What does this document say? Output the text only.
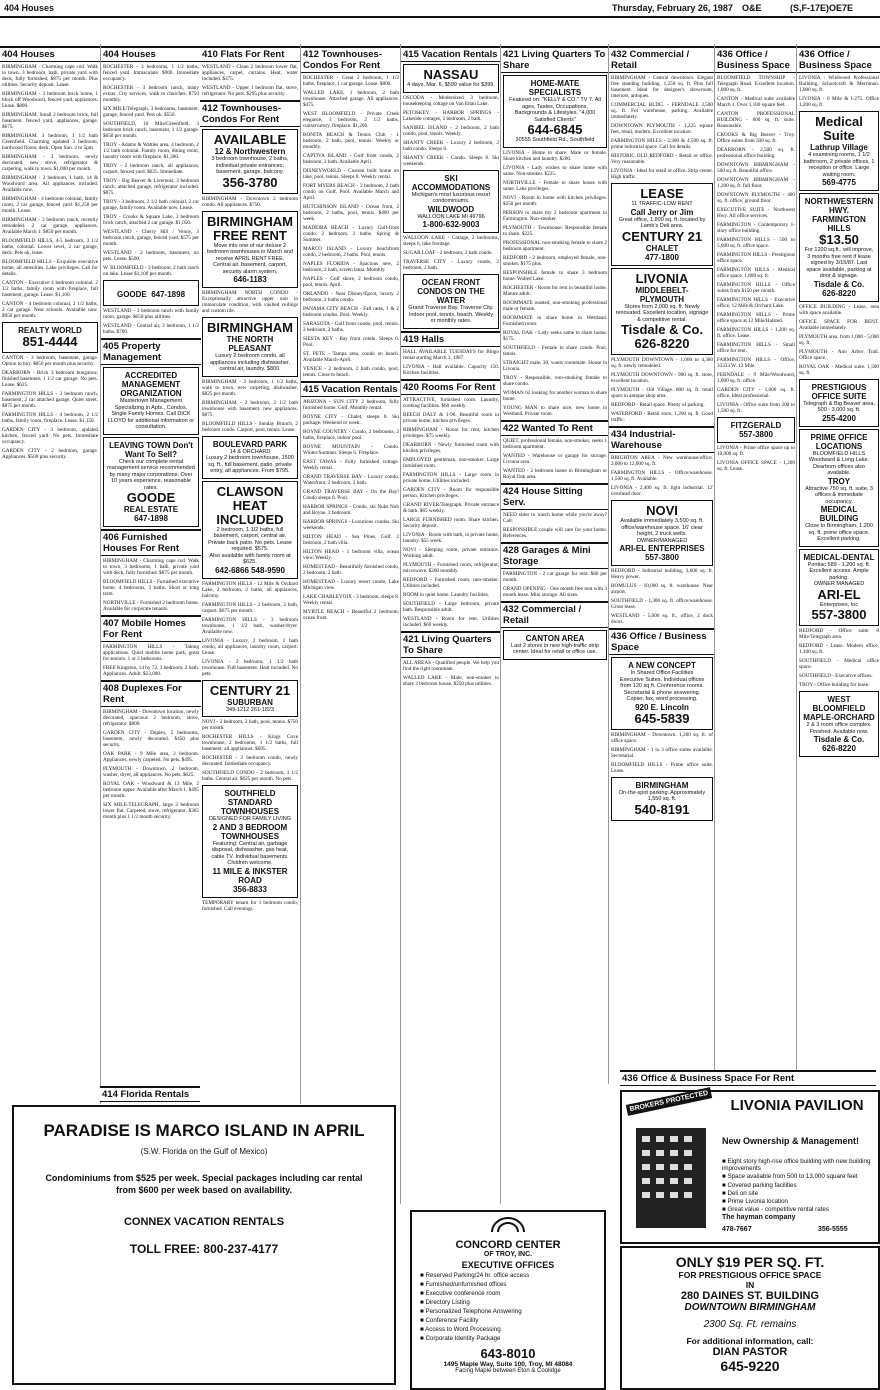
404 Houses	Thursday, February 26, 1987 O&E	(S,F-17E)OE7E
404 Houses
BIRMINGHAM - Charming cape cod. Walk to town. 3 bedroom, bath, private yard with deck, fully furnished, $875 per month. Plus utilities. Security deposit. Lease.
BIRMINGHAM - 3 bedroom brick home, 1 block off Woodward, fenced yard, appliances. Lease. $800.
BIRMINGHAM. Small 2 bedroom brick, full basement, fenced yard, appliances, garage. $675.
BIRMINGHAM. 3 bedroom, 1 1/2 bath Greenfield. Charming updated 3 bedroom, hardwood floors, deck. Open Sun. 2 to 5pm.
BIRMINGHAM - 3 bedroom, newly decorated, new stove, refrigerator & carpeting, walk to town. $1,000 per month.
BIRMINGHAM - 2 bedroom, 1 bath, 14 & Woodward area. All appliances included. Available now.
BIRMINGHAM - 4 bedroom colonial, family room, 2 car garage, fenced yard. $1,250 per month. Lease.
BIRMINGHAM - 3 bedroom ranch, recently remodeled. 2 car garage, appliances. Available March 1. $850 per month.
BLOOMFIELD HILLS, 4-5 bedroom, 3 1/2 baths, colonial. Lower level, 2 car garage, deck. Pets ok, lease.
BLOOMFIELD HILLS - Exquisite executive home, all amenities. Lake privileges. Call for details.
CANTON - Executive 4 bedroom colonial, 2 1/2 baths, family room with fireplace, full basement, garage. Lease. $1,100.
CANTON - 4 bedroom colonial, 2 1/2 baths, 2 car garage. Near schools. Available now. $950 per month.
REALTY WORLD
851-4444
CANTON - 3 bedroom, basement, garage. Option to buy. $850 per month plus security.
DEARBORN - Brick 3 bedroom bungalow, finished basement, 1 1/2 car garage. No pets. Lease. $625.
FARMINGTON HILLS - 3 bedroom ranch, basement, 2 car attached garage. Quiet street. $875 per month.
FARMINGTON HILLS - 4 bedroom, 2 1/2 baths, family room, fireplace. Lease. $1,150.
GARDEN CITY - 3 bedroom, updated kitchen, fenced yard. No pets. Immediate occupancy.
GARDEN CITY - 2 bedroom, garage. Appliances. $500 plus security.
404 Houses
ROCHESTER - 3 bedrooms, 1 1/2 baths, fenced yard. Immaculate. $900. Immediate occupancy.
ROCHESTER - 3 bedroom ranch, many extras. City services, walk to churches. $750 monthly.
SIX MILE/Telegraph, 3 bedrooms, basement, garage, fenced yard. Pets ok. $550.
SOUTHFIELD, 10 Mile/Greenfield, 3 bedroom brick ranch, basement, 1 1/2 garage. $650 per month.
TROY - Adams & Wattles area, 4 bedroom, 2 1/2 bath colonial. Family room, dining room, laundry room with fireplace. $1,300.
TROY - 2 bedroom ranch, all appliances, carport, fenced yard. $625. Immediate.
TROY - Big Beaver & Livernois, 3 bedroom ranch, attached garage, refrigerator included. $875.
TROY - 3 bedroom, 2 1/2 bath colonial, 2 car garage, family room. Available now. Lease.
TROY - Crooks & Square Lake, 3 bedroom brick ranch, attached 2 car garage. $1,050.
WESTLAND - Cherry Hill / Venoy, 3 bedroom ranch, garage, fenced yard. $575 per month.
WESTLAND - 2 bedroom, basement, no pets. Lease. $500.
W. BLOOMFIELD - 3 bedroom, 2 bath ranch on lake. Lease $1,100 per month.
GOODE 647-1898
WESTLAND - 3 bedroom ranch with family room, garage. $650 plus utilities.
WESTLAND - Central air, 3 bedroom, 1 1/2 baths. $700.
405 Property Management
ACCREDITED MANAGEMENT ORGANIZATION
Mastertown Management
Specializing in Apts., Condos, Single Family Homes. Call DICK LLOYD for additional information or consultation.
LEAVING TOWN Don't Want To Sell?
Check our complete rental management service recommended by many major corporations. Over 10 years experience, reasonable rates.
GOODE
REAL ESTATE
647-1898
406 Furnished Houses For Rent
BIRMINGHAM - Charming cape cod. Walk to town, 3 bedrooms, 1 bath, private yard with deck, fully furnished. $875 per month.
BLOOMFIELD HILLS - Furnished executive home, 4 bedrooms, 3 baths. Short or long term.
NORTHVILLE - Furnished 2 bedroom home. Available for corporate tenants.
407 Mobile Homes For Rent
FARMINGTON HILLS - Taking applications. Quiet mobile home park, great for seniors. 1 or 2 bedrooms.
FREE Kingston, 14 by 72, 3 bedroom, 2 bath. Appliances. Adult. $23,000.
408 Duplexes For Rent
BIRMINGHAM - Downtown location, newly decorated, spacious 2 bedroom, stove, refrigerator. $800.
GARDEN CITY - Duplex, 2 bedrooms, basement, newly decorated. $450 plus security.
OAK PARK - 9 Mile area, 2 bedroom. Appliances, newly carpeted. No pets. $495.
PLYMOUTH - Downtown, 2 bedroom, washer, dryer, all appliances. No pets. $625.
ROYAL OAK - Woodward & 13 Mile, 2 bedroom upper. Available after March 1. $495 per month.
SIX MILE-TELEGRAPH, large 2 bedroom lower flat. Carpeted, stove, refrigerator. $365 month plus 1 1/2 month security.
414 Florida Rentals
410 Flats For Rent
WESTLAND - Clean 2 bedroom lower flat, appliances, carpet, curtains. Heat, water included. $375.
WESTLAND - Upper 1 bedroom flat, stove, refrigerator. No pets. $295 plus security.
412 Townhouses-Condos For Rent
AVAILABLE
12 & Northwestern
3 bedroom townhouse, 2 baths, individual private entrances, basement, garage, balcony.
356-3780
BIRMINGHAM - Downtown 2 bedroom condo. All appliances. $750.
BIRMINGHAM FREE RENT
Move into one of our deluxe 2 bedroom townhouses in March and receive APRIL RENT FREE. Central air, basement, carport, security alarm system.
646-1183
BIRMINGHAM NORTH CONDO - Exceptionally attractive upper unit in immaculate condition, with vaulted ceilings and custom tile.
BIRMINGHAM
THE NORTH PLEASANT
Luxury 2 bedroom condo, all appliances including dishwasher, central air, laundry. $800.
BIRMINGHAM - 2 bedroom, 1 1/2 baths, walk to town, new carpeting, dishwasher. $825 per month.
BIRMINGHAM - 2 bedroom, 2 1/2 bath townhouse with basement, new appliances. $875.
BLOOMFIELD HILLS - Sunday Brunch, 2 bedroom condo. Carport, pool, tennis. Lease.
BOULEVARD PARK
14 & ORCHARD
Luxury 2 bedroom townhouse, 1500 sq. ft., full basement, patio, private entry, all appliances. From $795.
CLAWSON HEAT INCLUDED
2 bedroom, 1 1/2 baths, full basement, carport, central air. Private back patio. No pets. Lease required. $575.
Also available with family room at $625.
642-6866 548-9590
FARMINGTON HILLS - 12 Mile & Orchard Lake, 2 bedroom, 2 baths, all appliances, balcony.
FARMINGTON HILLS - 2 bedroom, 2 bath, carport. $675 per month.
FARMINGTON HILLS - 3 bedroom townhouse, 1 1/2 bath, washer/dryer. Available now.
LIVONIA - Luxury, 2 bedroom, 2 bath condo, all appliances, laundry room, carport. Lease.
LIVONIA - 2 bedroom, 1 1/2 bath townhouse. Full basement. Heat included. No pets.
CENTURY 21
SUBURBAN
349-1212 261-1823
NOVI - 2 bedroom, 2 bath, pool, tennis. $750 per month.
ROCHESTER HILLS - Kings Cove townhouse, 2 bedrooms, 1 1/2 baths, full basement, all appliances. $695.
ROCHESTER - 2 bedroom condo, newly decorated. Immediate occupancy.
SOUTHFIELD CONDO - 2 bedroom, 1 1/2 baths. Central air. $625 per month. No pets.
SOUTHFIELD STANDARD TOWNHOUSES
DESIGNED FOR FAMILY LIVING
2 AND 3 BEDROOM TOWNHOUSES
Featuring: Central air, garbage disposal, dishwasher, gas heat, cable TV. Individual basements. Children welcome.
11 MILE & INKSTER ROAD
356-8833
TEMPORARY tenant for 1 bedroom condo, furnished. Call evenings.
412 Townhouses-Condos For Rent
ROCHESTER - Great 2 bedroom, 1 1/2 baths, fireplace, 1 car garage. Lease. $800.
WALLED LAKE, 1 bedroom, 2 bath townhouse. Attached garage. All appliances. $475.
WEST BLOOMFIELD - Private Creek elegance, 3 bedroom, 2 1/2 baths, conservatory, fireplace. $1,200.
BONITA BEACH & Tennis Club - 1 bedroom, 2 bath, pool, tennis. Weekly or monthly.
CAPTIVA ISLAND - Gulf front condo, 2 bedroom, 2 bath. Available April.
DISNEYWORLD - Custom built home on lake, pool, tennis. Sleeps 8. Weekly rental.
FORT MYERS BEACH - 2 bedroom, 2 bath condo on Gulf. Pool. Available March and April.
HUTCHINSON ISLAND - Ocean front, 2 bedroom, 2 baths, pool, tennis. $400 per week.
MADEIRA BEACH - Luxury Gulf-front condo, 2 bedroom, 2 baths. Spring & Summer.
MARCO ISLAND - Luxury beachfront condo, 2 bedroom, 2 baths. Pool, tennis.
NAPLES FLORIDA - Spacious new, 2 bedroom, 2 bath, screen lanai. Monthly.
NAPLES - Gulf shore, 2 bedroom condo, pool, tennis. April.
ORLANDO - Near Disney/Epcot, luxury 2 bedroom, 2 baths condo.
PANAMA CITY BEACH - Fall rates, 1 & 2 bedroom condos. Pool. Weekly.
SARASOTA - Gulf front condo, pool, tennis. 2 bedroom, 2 baths.
SIESTA KEY - Bay front condo. Sleeps 6. Pool.
ST. PETE - Tampa area, condo on beach. Available March-April.
VENICE - 2 bedroom, 2 bath condo, pool, tennis. Close to beach.
415 Vacation Rentals
ARIZONA - SUN CITY 2 bedroom, fully furnished home. Golf. Monthly rental.
BOYNE CITY - Chalet, sleeps 8. Ski package. Weekend or week.
BOYNE COUNTRY - Condo, 2 bedrooms, 2 baths, fireplace, indoor pool.
BOYNE MOUNTAIN - Condo. Winter/Summer. Sleeps 6. Fireplace.
EAST TAWAS - Fully furnished cottage. Weekly rental.
GRAND TRAVERSE BAY - Luxury condo, Waterfront, 2 bedroom, 2 bath.
GRAND TRAVERSE BAY - On the Bay! Condo sleeps 8. Pool.
HARBOR SPRINGS - Condo, ski Nubs Nob and Boyne. 3 bedroom.
HARBOR SPRINGS - Luxurious condos. Ski weekends.
HILTON HEAD - Sea Pines. Golf. 2 bedroom, 2 bath villa.
HILTON HEAD - 1 bedroom villa, ocean view. Weekly.
HOMESTEAD - Beautifully furnished condo, 2 bedroom, 2 bath.
HOMESTEAD - Luxury resort condo, Lake Michigan view.
LAKE CHARLEVOIX - 3 bedroom, sleeps 8. Weekly rental.
MYRTLE BEACH - Beautiful 2 bedroom, ocean front.
415 Vacation Rentals
NASSAU
4 days, Mar. 6, $599 value for $399.
OSCODA - Modernized 3 bedroom, housekeeping cottage on Van Ettan Lake.
PETOSKEY - HARBOR SPRINGS - Lakeside cottages, 2 bedroom, 2 bath.
SANIBEL ISLAND - 2 bedroom, 2 bath condo, pool, tennis. Weekly.
SHANTY CREEK - Luxury 2 bedroom, 2 bath condo. Sleeps 6.
SHANTY CREEK - Condo. Sleeps 8. Ski weekends.
SKI ACCOMMODATIONS
Michigan's most luxurious resort condominiums.
WILDWOOD
WALLOON LAKE MI 49796
1-800-632-9003
WALLOON LAKE - Cottage, 2 bedrooms, sleeps 6, lake frontage.
SUGAR LOAF - 2 bedroom, 2 bath condo.
TRAVERSE CITY - Luxury condo, 2 bedroom, 2 bath.
OCEAN FRONT CONDOS ON THE WATER
Grand Traverse Bay. Traverse City. Indoor pool, tennis, beach. Weekly or monthly rates.
419 Halls
HALL AVAILABLE TUESDAYS for Bingo rental starting March 3, 1987.
LIVONIA - Hall available. Capacity 150. Kitchen facilities.
420 Rooms For Rent
ATTRACTIVE, furnished room. Laundry, cooking facilities. $60 weekly.
BEECH DALY & 1-96. Beautiful room in private home, kitchen privileges.
BIRMINGHAM - Room for rent, kitchen privileges. $75 weekly.
DEARBORN - Newly furnished room with kitchen privileges.
EMPLOYED gentleman, non-smoker. Large furnished room.
FARMINGTON HILLS - Large room in private home. Utilities included.
GARDEN CITY - Room for responsible person. Kitchen privileges.
GRAND RIVER/Telegraph. Private entrance & bath. $65 weekly.
LARGE FURNISHED room. Share kitchen. Security deposit.
LIVONIA - Room with bath, in private home, laundry. $55 week.
NOVI - Sleeping room, private entrance. Working adult.
PLYMOUTH - Furnished room, refrigerator, microwave. $200 monthly.
REDFORD - Furnished room, non-smoker. Utilities included.
ROOM in quiet home. Laundry facilities.
SOUTHFIELD - Large bedroom, private bath. Responsible adult.
WESTLAND - Room for rent. Utilities included. $60 weekly.
421 Living Quarters To Share
ALL AREAS - Qualified people. We help you find the right roommate.
WALLED LAKE - Male, non-smoker to share 3 bedroom house. $250 plus utilities.
421 Living Quarters To Share
HOME-MATE SPECIALISTS
Featured on: "KELLY & CO." TV 7. All ages, Tastes, Occupations, Backgrounds & Lifestyles. "4,000 Satisfied Clients"
644-6845
30555 Southfield Rd., Southfield
LIVONIA - Home to share. Male or female. Share kitchen and laundry. $200.
LIVONIA - Lady wishes to share home with same. Non-smoker. $225.
NORTHVILLE - Female to share house with same. Lake privileges.
NOVI - Room in home with kitchen privileges. $250 per month.
PERSON to share my 2 bedroom apartment in Farmington. Non-smoker.
PLYMOUTH - Townhouse. Responsible female to share. $225.
PROFESSIONAL non-smoking female to share 2 bedroom apartment.
REDFORD - 2 bedroom, employed female, non-smoker. $175 plus.
RESPONSIBLE female to share 3 bedroom home. Walled Lake.
ROCHESTER - Room for rent in beautiful home. Mature adult.
ROOMMATE wanted, non-smoking professional male or female.
ROOMMATE to share home in Westland. Furnished room.
ROYAL OAK - Lady seeks same to share home. $175.
SOUTHFIELD - Female to share condo. Pool, tennis.
STRAIGHT male, 30, wants roommate. House in Livonia.
TROY - Responsible, non-smoking female to share condo.
WOMAN 62 looking for another woman to share home.
YOUNG MAN to share nice, new home in Westland. Private room.
422 Wanted To Rent
QUIET, professional female, non-smoker, seeks 1 bedroom apartment.
WANTED - Warehouse or garage for storage. Livonia area.
WANTED - 2 bedroom home in Birmingham or Royal Oak area.
424 House Sitting Serv.
NEED sitter to watch home while you're away? Call.
RESPONSIBLE couple will care for your home. References.
428 Garages & Mini Storage
FARMINGTON - 2 car garage for rent. $80 per month.
GRAND OPENING - One month free rent with 3 month lease. Mini storage. All sizes.
432 Commercial / Retail
CANTON AREA
Last 2 stores in new high-traffic strip center. Ideal for retail or office use.
432 Commercial / Retail
BIRMINGHAM - Central downtown. Elegant free standing building. 1,250 sq. ft. Plus full basement. Ideal for designer's showroom, interiors, antiques.
COMMERCIAL BLDG. - FERNDALE 3,500 sq. ft. For warehouse, parking. Available immediately.
DOWNTOWN PLYMOUTH - 1,225 square feet, retail, modern. Excellent location.
FARMINGTON HILLS - 2,300 & 4,500 sq. ft. prime industrial space. Call for details.
HISTORIC OLD REDFORD - Retail or office. Very reasonable.
LIVONIA - Ideal for retail or office. Strip center. High traffic.
LEASE
11 TRAFFIC-LOW RENT
Call Jerry or Jim
Great office, 1,800 sq. ft. located by Lamb's Deli area.
CENTURY 21
CHALET
477-1800
LIVONIA
MIDDLEBELT-PLYMOUTH
Stores from 2,000 sq. ft. Newly renovated. Excellent location, signage & competitive rental.
Tisdale & Co.
626-8220
PLYMOUTH DOWNTOWN - 1,000 to 4,300 sq. ft. newly remodeled.
PLYMOUTH DOWNTOWN - 900 sq. ft. store, excellent location.
PLYMOUTH - Old Village. 800 sq. ft. retail space in antique shop area.
REDFORD - Retail space. Plenty of parking.
WATERFORD - Retail store, 1,200 sq. ft. Good traffic.
434 Industrial-Warehouse
BRIGHTON AREA - New warehouse/office. 2,000 to 12,000 sq. ft.
FARMINGTON HILLS - Office/warehouse. 1,500 sq. ft. Available.
LIVONIA - 2,400 sq. ft. light industrial. 12' overhead door.
NOVI
Available immediately 3,500 sq. ft. office/warehouse space. 16' clear height, 2 truck wells.
OWNER/MANAGED
ARI-EL ENTERPRISES
557-3800
REDFORD - Industrial building, 3,600 sq. ft. Heavy power.
ROMULUS - 10,000 sq. ft. warehouse. Near airport.
SOUTHFIELD - 1,300 sq. ft. office/warehouse. Gross lease.
WESTLAND - 5,000 sq. ft., office, 2 dock doors.
436 Office / Business Space
A NEW CONCEPT
In Shared Office Facilities
Executive Suites. Individual offices from 120 sq ft. Conference rooms. Secretarial & phone answering. Copier, fax, word processing.
920 E. Lincoln
645-5839
BIRMINGHAM - Downtown. 1,200 sq. ft. of office space.
BIRMINGHAM - 1 to 3 office suites available. Secretarial.
BLOOMFIELD HILLS - Prime office suite. Lease.
BIRMINGHAM
On-the-spot parking. Approximately 1,550 sq. ft.
540-8191
436 Office / Business Space
BLOOMFIELD TOWNSHIP - Telegraph Road. Excellent location. 1,000 sq. ft.
CANTON - Medical suite available March 1. Over 1,100 square feet.
CANTON PROFESSIONAL BUILDING - 600 sq. ft. suite. Reasonable.
CROOKS & Big Beaver - Troy. Office suites from 500 sq. ft.
DEARBORN - 2,500 sq. ft. professional office building.
DOWNTOWN BIRMINGHAM - 500 sq. ft. Beautiful office.
DOWNTOWN BIRMINGHAM - 1,200 sq. ft. full floor.
DOWNTOWN PLYMOUTH - 400 sq. ft. office, ground floor.
EXECUTIVE SUITE - Northwest Hwy. All office services.
FARMINGTON - Contemporary 1-story office building.
FARMINGTON HILLS - 500 to 5,000 sq. ft. office space.
FARMINGTON HILLS - Prestigious office space.
FARMINGTON HILLS - Medical office space. 1,800 sq. ft.
FARMINGTON HILLS - Office suites from $150 per month.
FARMINGTON HILLS - Executive office, 12 Mile & Orchard Lake.
FARMINGTON HILLS - Prime office space at 12 Mile/Halsted.
FARMINGTON HILLS - 1,200 sq. ft. office. Lease.
FARMINGTON HILLS - Small office for rent.
FARMINGTON HILLS - Office, 33333 W. 12 Mile.
FERNDALE - 9 Mile/Woodward, 1,000 sq. ft. office.
GARDEN CITY - 1,000 sq. ft. office. Ideal professional.
LIVONIA - Office suite from 200 to 1,500 sq. ft.
FITZGERALD
557-3800
LIVONIA - Prime office space up to 10,000 sq. ft.
LIVONIA OFFICE SPACE - 1,200 sq. ft. Lease.
436 Office / Business Space
LIVONIA - Wildwood Professional Building, Schoolcraft & Merriman. 1,000 sq. ft.
LIVONIA - 6 Mile & I-275. Office 1,200 sq. ft.
Medical Suite
Lathrup Village
4 examining rooms, 1 1/2 bathroom, 2 private offices, 1 reception or office. Large waiting room.
569-4775
NORTHWESTERN HWY. FARMINGTON HILLS
$13.50
For 1200 sq.ft., will improve, 3 months free rent if lease signed by 3/15/87. Last space available, parking at door & signage.
Tisdale & Co.
626-8220
OFFICE BUILDING - Lease, area with space available.
OFFICE SPACE FOR RENT. Available immediately.
PLYMOUTH area, from 1,000 - 5,000 sq. ft.
PLYMOUTH - Ann Arbor Trail. Office space.
ROYAL OAK - Medical suite. 1,500 sq. ft.
PRESTIGIOUS OFFICE SUITE
Telegraph & Big Beaver area, 500 - 3,000 sq. ft.
255-4200
PRIME OFFICE LOCATIONS
BLOOMFIELD HILLS
Woodward & Long Lake. Dearborn offices also available.
TROY
Attractive 750 sq. ft. suite, 3 offices & immediate occupancy.
MEDICAL BUILDING
Close to Birmingham, 1,200 sq. ft. prime office space. Excellent parking.
MEDICAL-DENTAL
Pontiac 589 - 1,200 sq. ft. Excellent access. Ample parking.
OWNER MANAGED
ARI-EL
Enterprises, Inc
557-3800
REDFORD - Office suite. 8 Mile/Telegraph area.
REDFORD - Lease. Modern office, 1,100 sq. ft.
SOUTHFIELD - Medical office space.
SOUTHFIELD - Executive offices.
TROY - Office building for lease.
WEST BLOOMFIELD MAPLE-ORCHARD
2 & 3 room office complex. Finished. Available now.
Tisdale & Co.
626-8220
436 Office & Business Space For Rent
PARADISE IS MARCO ISLAND IN APRIL
(S.W. Florida on the Gulf of Mexico)
Condominiums from $525 per week. Special packages including car rental from $600 per week based on availability.
CONNEX VACATION RENTALS
TOLL FREE: 800-237-4177	CONCORD CENTER
OF TROY, INC.
EXECUTIVE OFFICES
■ Reserved Parking/24 hr. office access
■ Furnished/unfurnished offices
■ Executive conference room
■ Directory Listing
■ Personalized Telephone Answering
■ Conference Facility
■ Access to Word Processing
■ Corporate Identity Package
643-8010
1495 Maple Way, Suite 100, Troy, MI 48084
Facing Maple between Eton & Coolidge
BROKERS PROTECTED	LIVONIA PAVILION
New Ownership & Management!
■ Eight story high-rise office building with new building improvements
■ Space available from 500 to 13,000 square feet
■ Covered parking facilities
■ Deli on site
■ Prime Livonia location
■ Great value - competitive rental rates
The hayman company
478-7667	356-5555
ONLY $19 PER SQ. FT.
FOR PRESTIGIOUS OFFICE SPACE
IN
280 DAINES ST. BUILDING
DOWNTOWN BIRMINGHAM
2300 Sq. Ft. remains
For additional information, call:
DIAN PASTOR
645-9220
